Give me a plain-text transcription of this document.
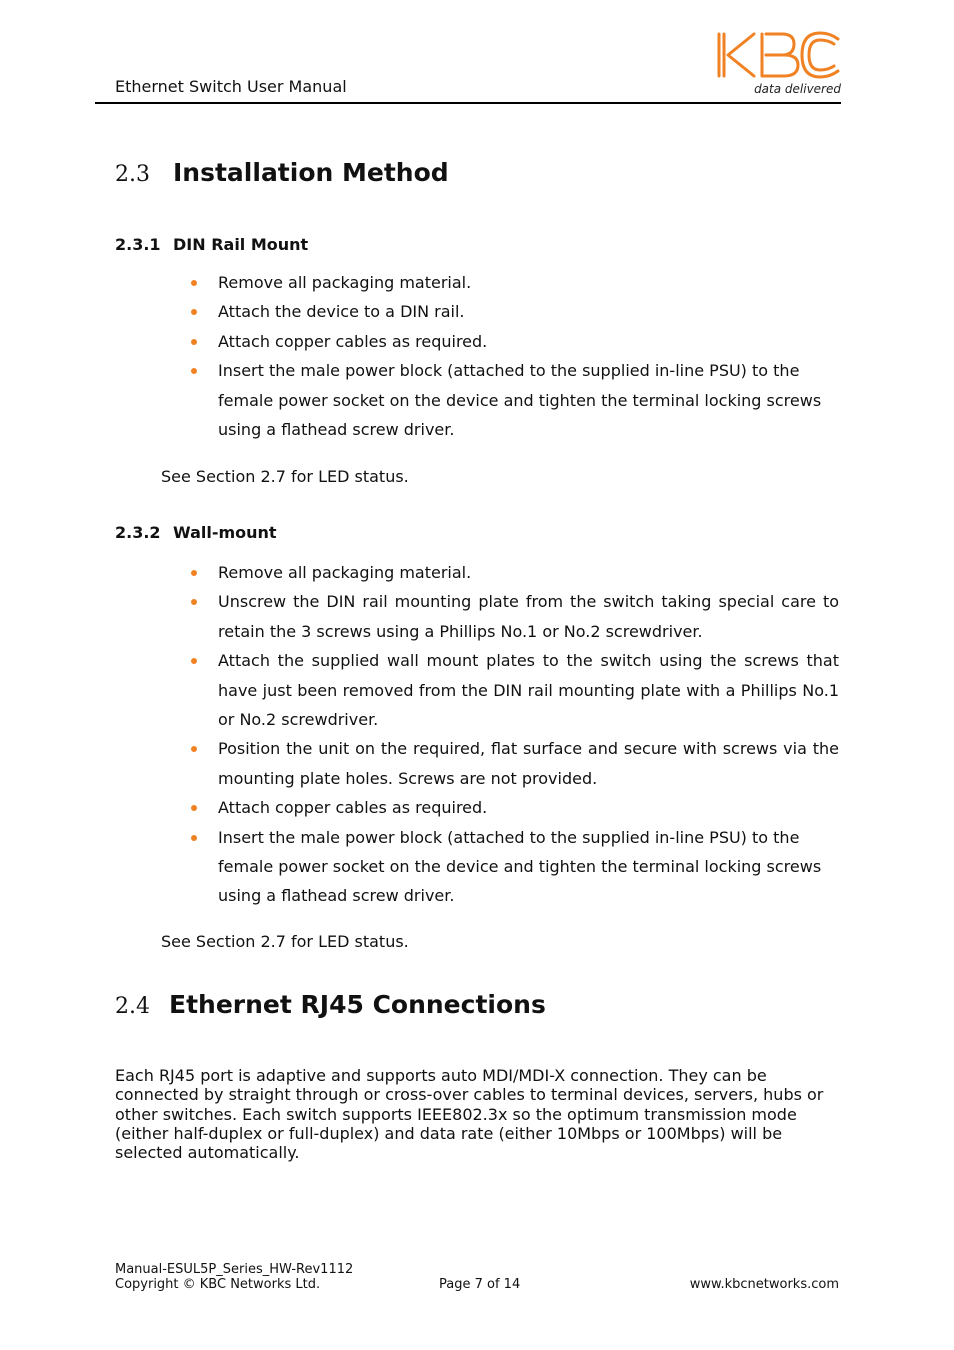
Ethernet Switch User Manual	data delivered
2.3 Installation Method
2.3.1 DIN Rail Mount
Remove all packaging material.
Attach the device to a DIN rail.
Attach copper cables as required.
Insert the male power block (attached to the supplied in-line PSU) to the female power socket on the device and tighten the terminal locking screws using a flathead screw driver.
See Section 2.7 for LED status.
2.3.2 Wall-mount
Remove all packaging material.
Unscrew the DIN rail mounting plate from the switch taking special care to retain the 3 screws using a Phillips No.1 or No.2 screwdriver.
Attach the supplied wall mount plates to the switch using the screws that have just been removed from the DIN rail mounting plate with a Phillips No.1 or No.2 screwdriver.
Position the unit on the required, flat surface and secure with screws via the mounting plate holes. Screws are not provided.
Attach copper cables as required.
Insert the male power block (attached to the supplied in-line PSU) to the female power socket on the device and tighten the terminal locking screws using a flathead screw driver.
See Section 2.7 for LED status.
2.4 Ethernet RJ45 Connections
Each RJ45 port is adaptive and supports auto MDI/MDI-X connection. They can be connected by straight through or cross-over cables to terminal devices, servers, hubs or other switches. Each switch supports IEEE802.3x so the optimum transmission mode (either half-duplex or full-duplex) and data rate (either 10Mbps or 100Mbps) will be selected automatically.
Manual-ESUL5P_Series_HW-Rev1112
Copyright © KBC Networks Ltd.	Page 7 of 14	www.kbcnetworks.com
